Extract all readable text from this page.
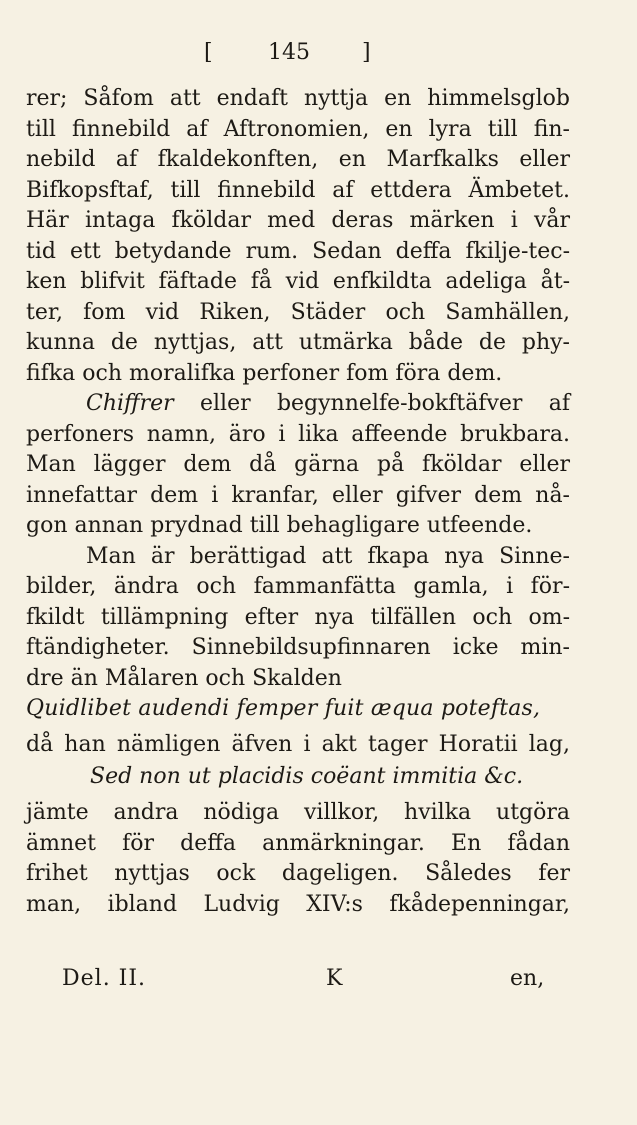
[	145 ]
rer; Såfom att endaft nyttja en himmelsglob
till finnebild af Aftronomien, en lyra till fin-
nebild af fkaldekonften, en Marfkalks eller
Bifkopsftaf, till finnebild af ettdera Ämbetet.
Här intaga fköldar med deras märken i vår
tid ett betydande rum. Sedan deffa fkilje-tec-
ken blifvit fäftade få vid enfkildta adeliga åt-
ter, fom vid Riken, Städer och Samhällen,
kunna de nyttjas, att utmärka både de phy-
fifka och moralifka perfoner fom föra dem.
Chiffrer eller begynnelfe-bokftäfver af
perfoners namn, äro i lika affeende brukbara.
Man lägger dem då gärna på fköldar eller
innefattar dem i kranfar, eller gifver dem nå-
gon annan prydnad till behagligare utfeende.
Man är berättigad att fkapa nya Sinne-
bilder, ändra och fammanfätta gamla, i för-
fkildt tillämpning efter nya tilfällen och om-
ftändigheter. Sinnebildsupfinnaren icke min-
dre än Målaren och Skalden
Quidlibet audendi femper fuit æqua poteftas,
då han nämligen äfven i akt tager Horatii lag,
Sed non ut placidis coëant immitia &c.
jämte andra nödiga villkor, hvilka utgöra
ämnet för deffa anmärkningar. En fådan
frihet nyttjas ock dageligen. Således fer
man, ibland Ludvig XIV:s fkådepenningar,
Del. II.	K	en,
